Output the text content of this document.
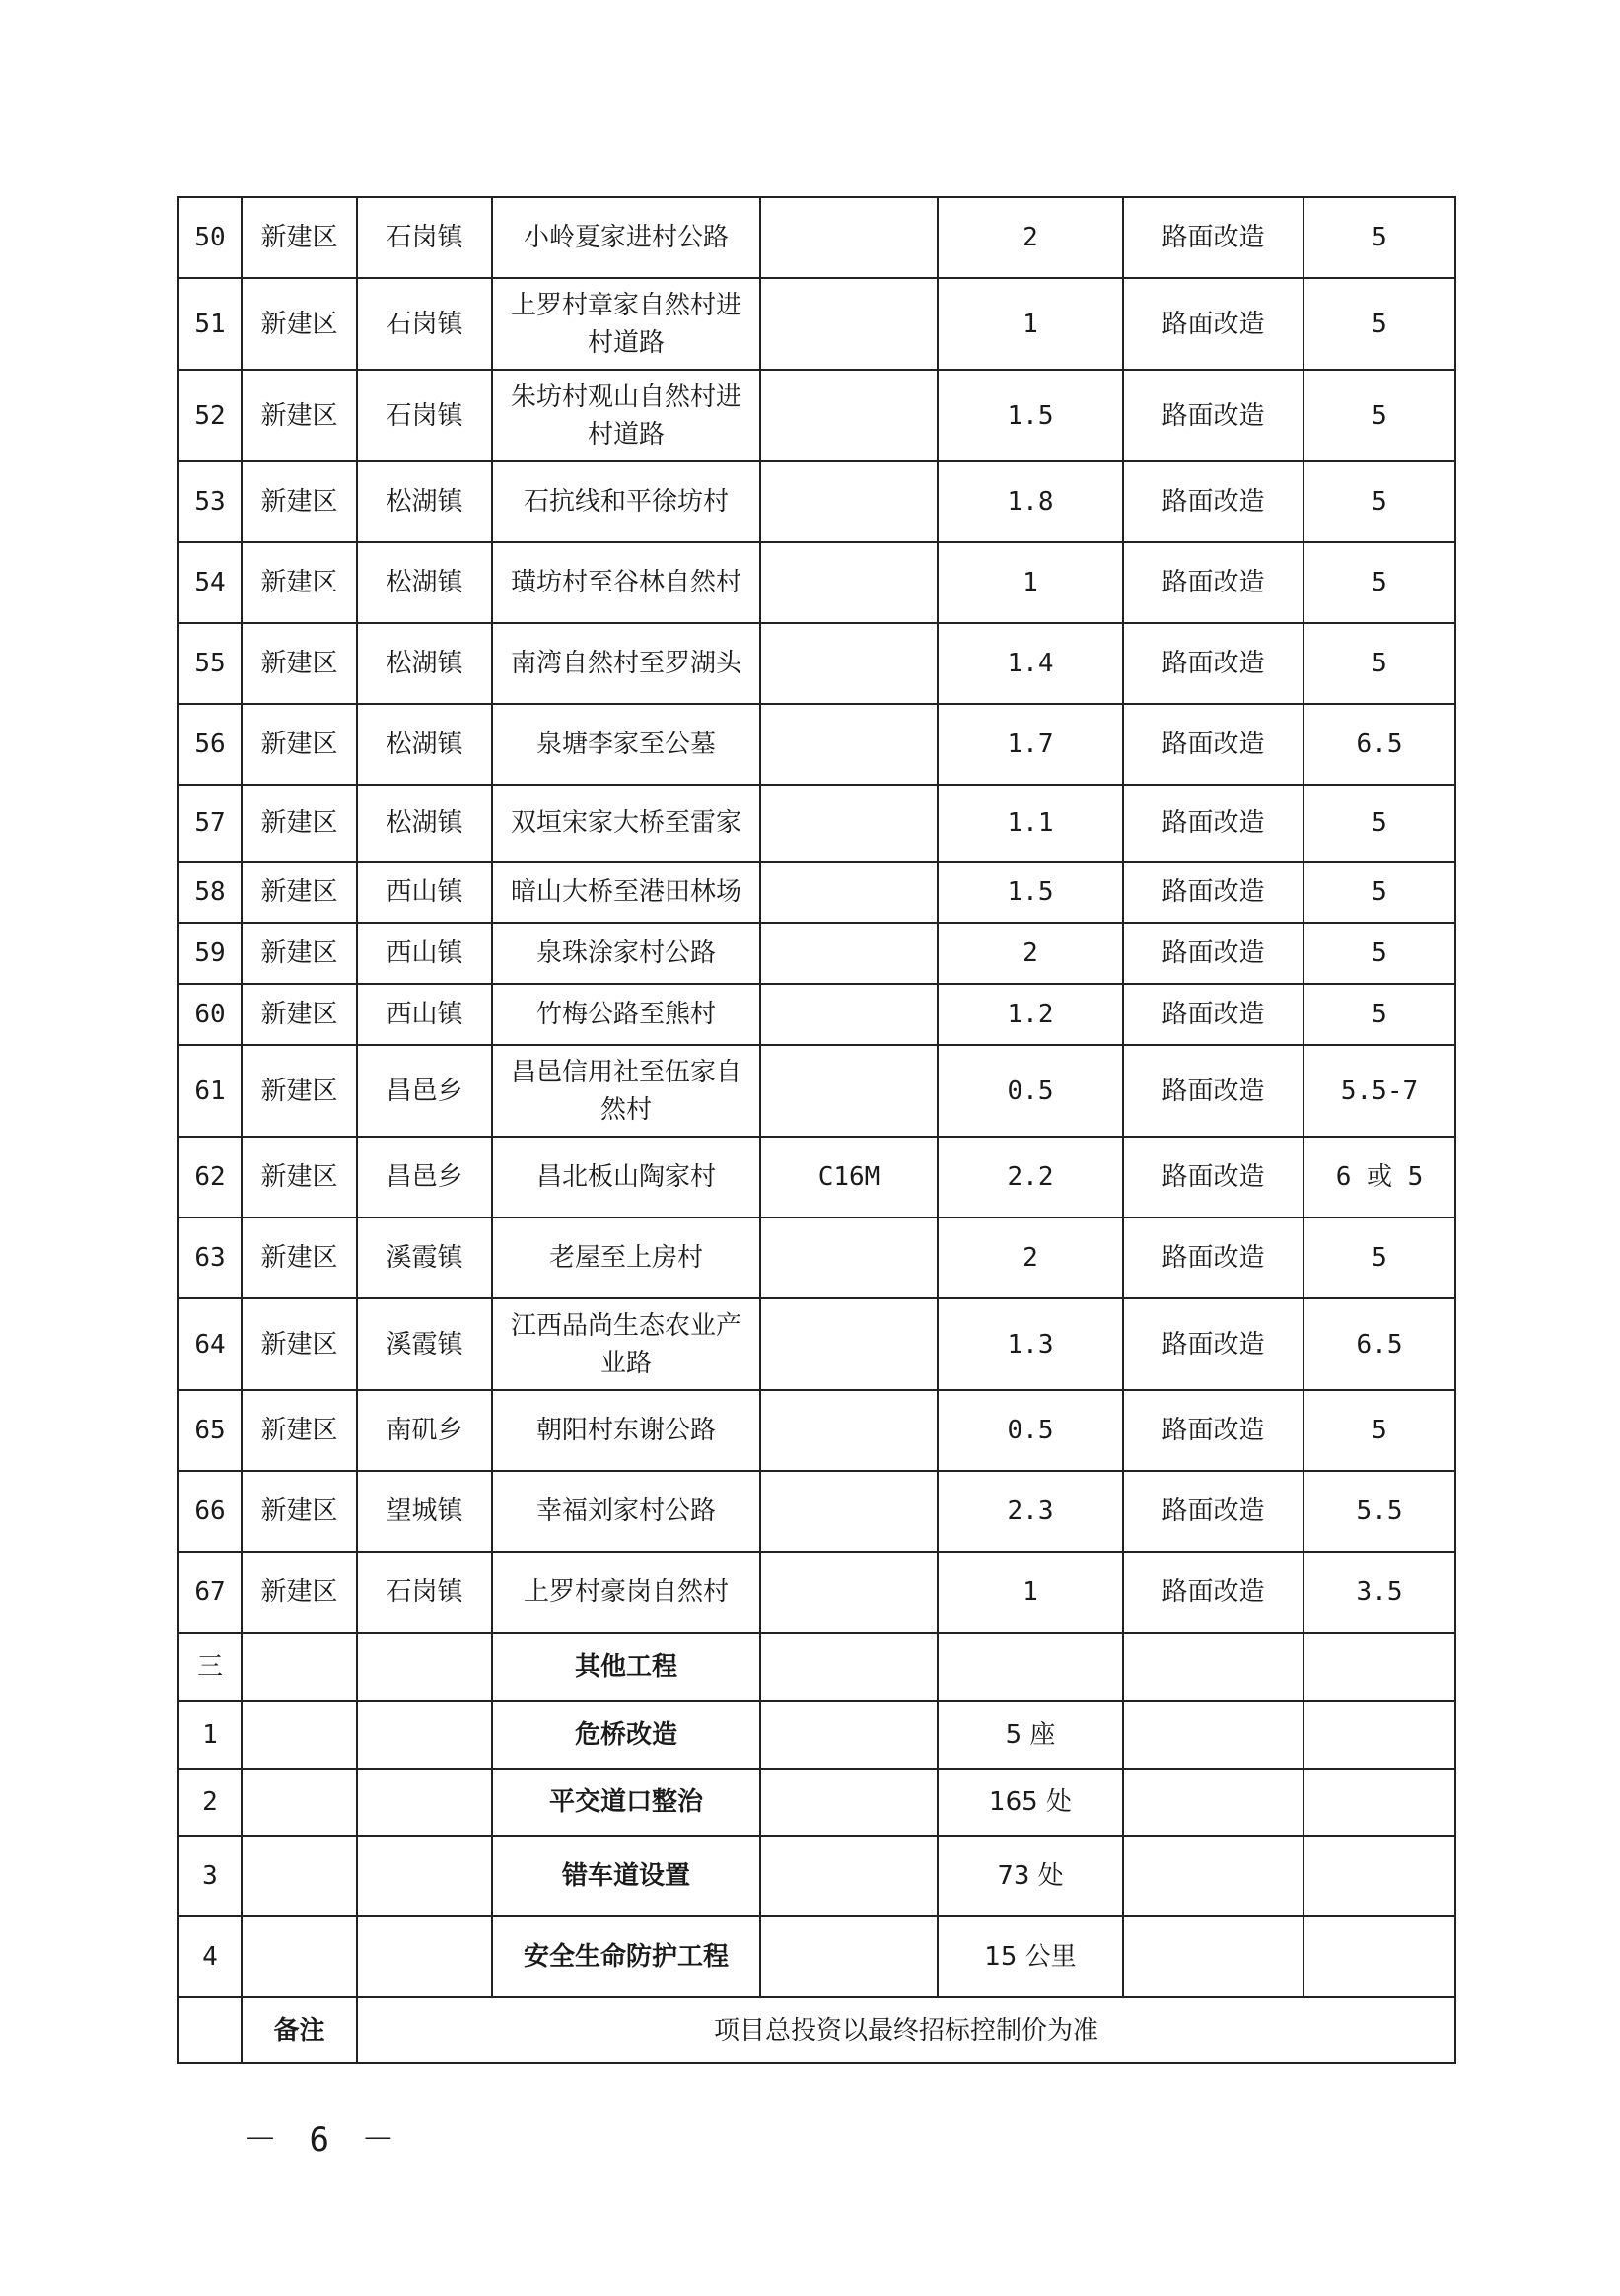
50	新建区	石岗镇	小岭夏家进村公路		2	路面改造	5
51	新建区	石岗镇	上罗村章家自然村进村道路		1	路面改造	5
52	新建区	石岗镇	朱坊村观山自然村进村道路		1.5	路面改造	5
53	新建区	松湖镇	石抗线和平徐坊村		1.8	路面改造	5
54	新建区	松湖镇	璜坊村至谷林自然村		1	路面改造	5
55	新建区	松湖镇	南湾自然村至罗湖头		1.4	路面改造	5
56	新建区	松湖镇	泉塘李家至公墓		1.7	路面改造	6.5
57	新建区	松湖镇	双垣宋家大桥至雷家		1.1	路面改造	5
58	新建区	西山镇	暗山大桥至港田林场		1.5	路面改造	5
59	新建区	西山镇	泉珠涂家村公路		2	路面改造	5
60	新建区	西山镇	竹梅公路至熊村		1.2	路面改造	5
61	新建区	昌邑乡	昌邑信用社至伍家自然村		0.5	路面改造	5.5-7
62	新建区	昌邑乡	昌北板山陶家村	C16M	2.2	路面改造	6 或 5
63	新建区	溪霞镇	老屋至上房村		2	路面改造	5
64	新建区	溪霞镇	江西品尚生态农业产业路		1.3	路面改造	6.5
65	新建区	南矶乡	朝阳村东谢公路		0.5	路面改造	5
66	新建区	望城镇	幸福刘家村公路		2.3	路面改造	5.5
67	新建区	石岗镇	上罗村豪岗自然村		1	路面改造	3.5
三			其他工程				
1			危桥改造		5 座		
2			平交道口整治		165 处		
3			错车道设置		73 处		
4			安全生命防护工程		15 公里		
	备注	项目总投资以最终招标控制价为准					
－ 6 －
